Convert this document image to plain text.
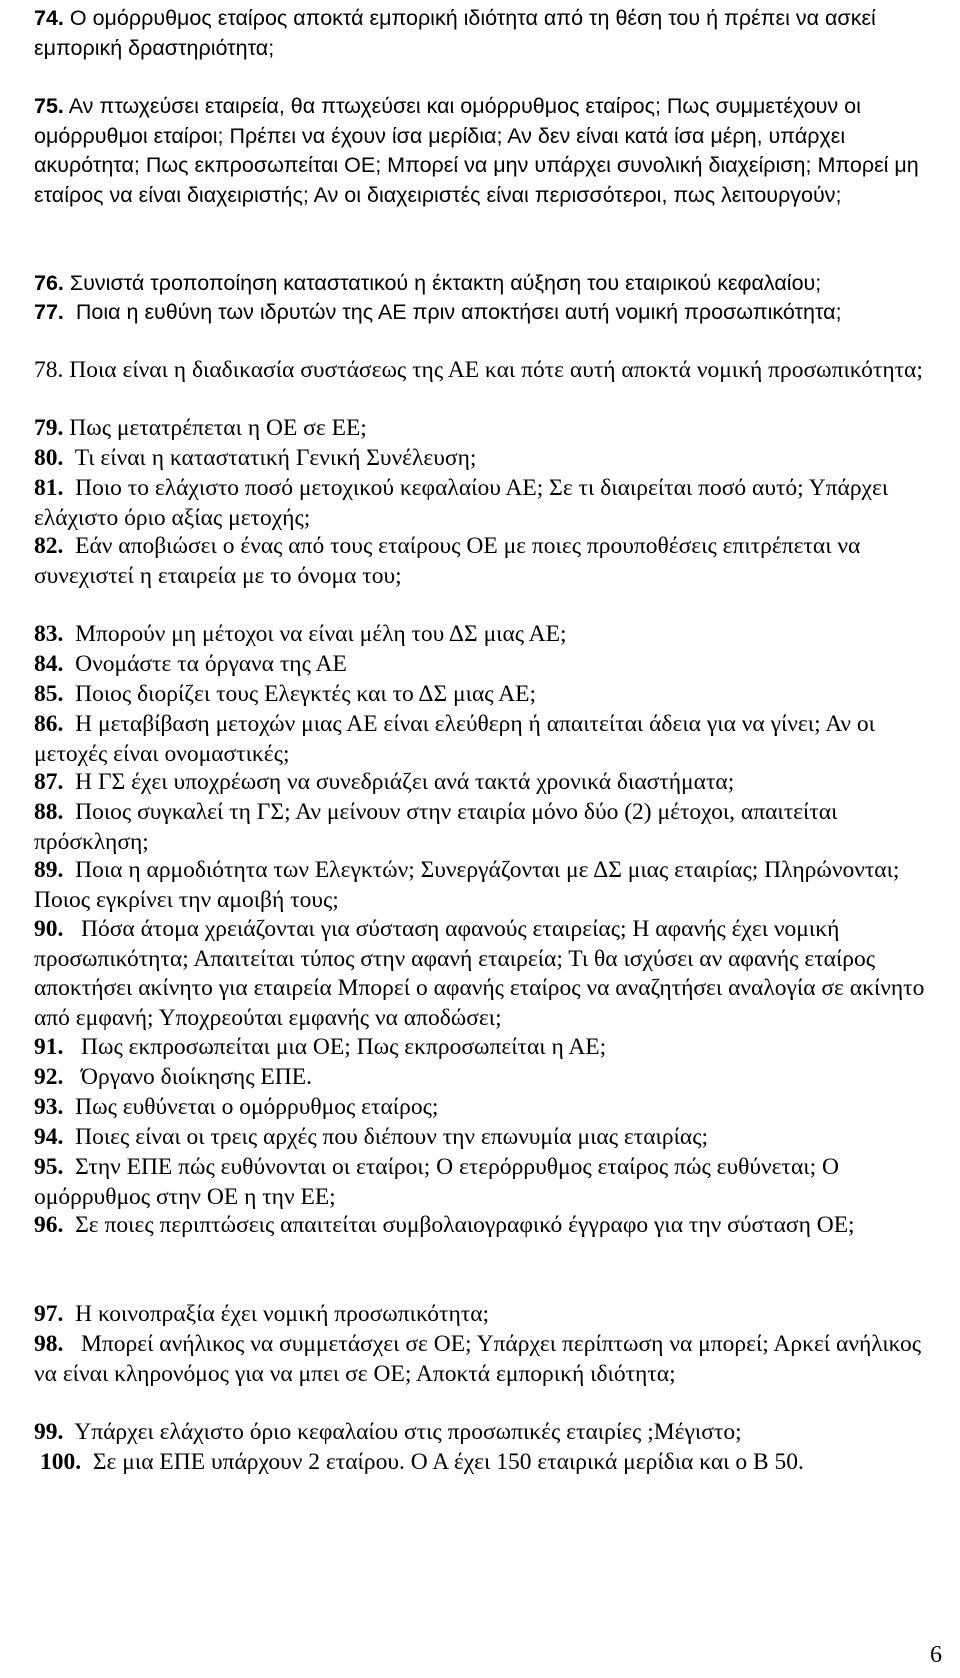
74. Ο ομόρρυθμος εταίρος αποκτά εμπορική ιδιότητα από τη θέση του ή πρέπει να ασκεί εμπορική δραστηριότητα;

75. Αν πτωχεύσει εταιρεία, θα πτωχεύσει και ομόρρυθμος εταίρος; Πως συμμετέχουν οι ομόρρυθμοι εταίροι; Πρέπει να έχουν ίσα μερίδια; Αν δεν είναι κατά ίσα μέρη, υπάρχει ακυρότητα; Πως εκπροσωπείται ΟΕ; Μπορεί να μην υπάρχει συνολική διαχείριση; Μπορεί μη εταίρος να είναι διαχειριστής; Αν οι διαχειριστές είναι περισσότεροι, πως λειτουργούν;

76. Συνιστά τροποποίηση καταστατικού η έκτακτη αύξηση του εταιρικού κεφαλαίου;

77. Ποια η ευθύνη των ιδρυτών της ΑΕ πριν αποκτήσει αυτή νομική προσωπικότητα;

78. Ποια είναι η διαδικασία συστάσεως της ΑΕ και πότε αυτή αποκτά νομική προσωπικότητα;

79. Πως μετατρέπεται η ΟΕ σε ΕΕ;

80. Τι είναι η καταστατική Γενική Συνέλευση;

81. Ποιο το ελάχιστο ποσό μετοχικού κεφαλαίου ΑΕ; Σε τι διαιρείται ποσό αυτό; Υπάρχει ελάχιστο όριο αξίας μετοχής;

82. Εάν αποβιώσει ο ένας από τους εταίρους ΟΕ με ποιες προυποθέσεις επιτρέπεται να συνεχιστεί η εταιρεία με το όνομα του;

83. Μπορούν μη μέτοχοι να είναι μέλη του ΔΣ μιας ΑΕ;

84. Ονομάστε τα όργανα της ΑΕ

85. Ποιος διορίζει τους Ελεγκτές και το ΔΣ μιας ΑΕ;

86. Η μεταβίβαση μετοχών μιας ΑΕ είναι ελεύθερη ή απαιτείται άδεια για να γίνει; Αν οι μετοχές είναι ονομαστικές;

87. Η ΓΣ έχει υποχρέωση να συνεδριάζει ανά τακτά χρονικά διαστήματα;

88. Ποιος συγκαλεί τη ΓΣ; Αν μείνουν στην εταιρία μόνο δύο (2) μέτοχοι, απαιτείται πρόσκληση;

89. Ποια η αρμοδιότητα των Ελεγκτών; Συνεργάζονται με ΔΣ μιας εταιρίας; Πληρώνονται; Ποιος εγκρίνει την αμοιβή τους;

90. Πόσα άτομα χρειάζονται για σύσταση αφανούς εταιρείας; Η αφανής έχει νομική προσωπικότητα; Απαιτείται τύπος στην αφανή εταιρεία; Τι θα ισχύσει αν αφανής εταίρος αποκτήσει ακίνητο για εταιρεία Μπορεί ο αφανής εταίρος να αναζητήσει αναλογία σε ακίνητο από εμφανή; Υποχρεούται εμφανής να αποδώσει;

91. Πως εκπροσωπείται μια ΟΕ; Πως εκπροσωπείται η ΑΕ;

92. Όργανο διοίκησης ΕΠΕ.

93. Πως ευθύνεται ο ομόρρυθμος εταίρος;

94. Ποιες είναι οι τρεις αρχές που διέπουν την επωνυμία μιας εταιρίας;

95. Στην ΕΠΕ πώς ευθύνονται οι εταίροι; Ο ετερόρρυθμος εταίρος πώς ευθύνεται; Ο ομόρρυθμος στην ΟΕ η την ΕΕ;

96. Σε ποιες περιπτώσεις απαιτείται συμβολαιογραφικό έγγραφο για την σύσταση ΟΕ;

97. Η κοινοπραξία έχει νομική προσωπικότητα;

98. Μπορεί ανήλικος να συμμετάσχει σε ΟΕ; Υπάρχει περίπτωση να μπορεί; Αρκεί ανήλικος να είναι κληρονόμος για να μπει σε ΟΕ; Αποκτά εμπορική ιδιότητα;

99. Υπάρχει ελάχιστο όριο κεφαλαίου στις προσωπικές εταιρίες ;Μέγιστο;

100. Σε μια ΕΠΕ υπάρχουν 2 εταίρου. Ο Α έχει 150 εταιρικά μερίδια και ο Β 50.

6
